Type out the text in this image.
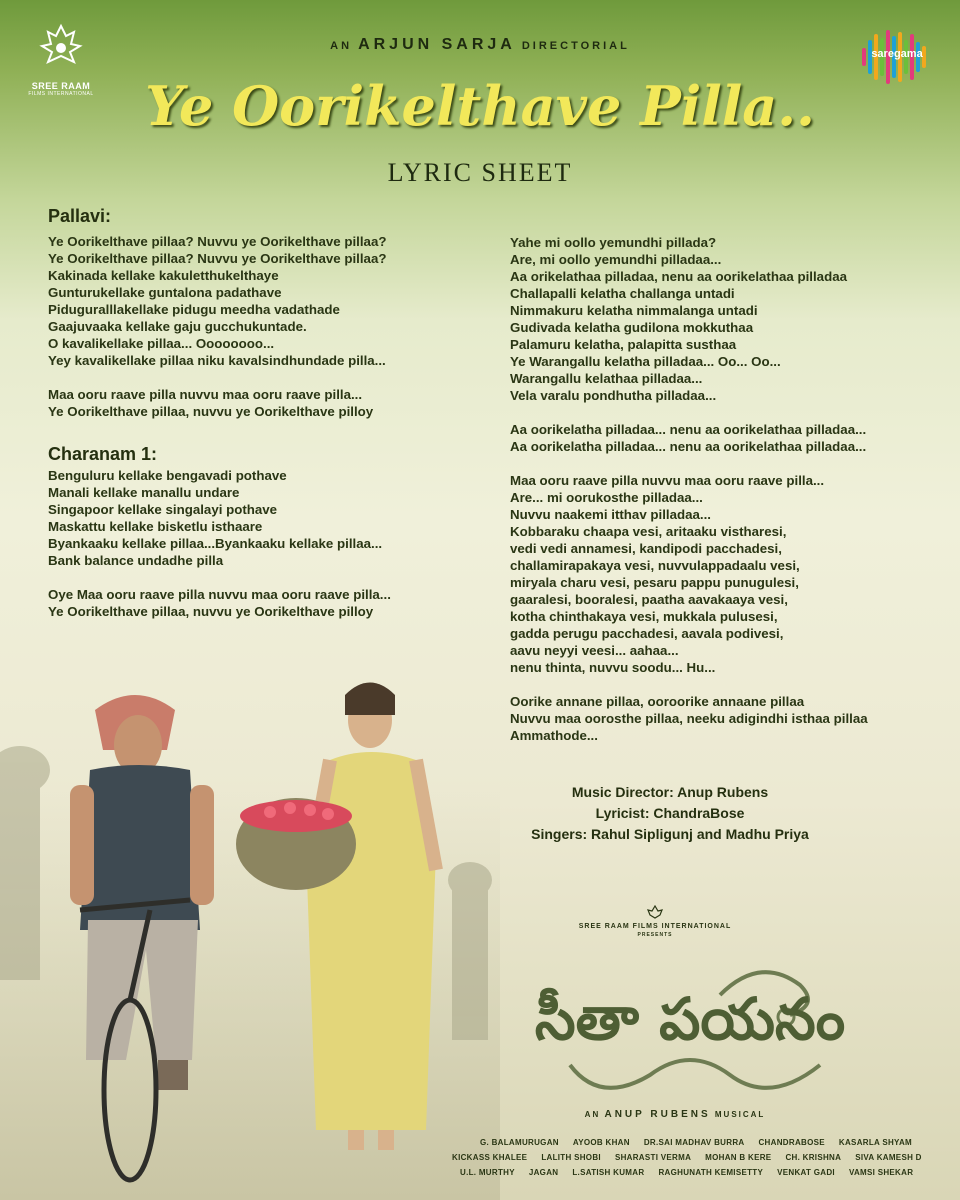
SREE RAAM
FILMS INTERNATIONAL
saregama
AN ARJUN SARJA DIRECTORIAL
Ye Oorikelthave Pilla..
LYRIC SHEET
Pallavi:
Ye Oorikelthave pillaa? Nuvvu ye Oorikelthave pillaa?
Ye Oorikelthave pillaa? Nuvvu ye Oorikelthave pillaa?
Kakinada kellake kakuletthukelthaye
Gunturukellake guntalona padathave
Piduguralllakellake pidugu meedha vadathade
Gaajuvaaka kellake gaju gucchukuntade.
O kavalikellake pillaa... Oooooooo...
Yey kavalikellake pillaa niku kavalsindhundade pilla...
Maa ooru raave pilla nuvvu maa ooru raave pilla...
Ye Oorikelthave pillaa, nuvvu ye Oorikelthave pilloy
Charanam 1:
Benguluru kellake bengavadi pothave
Manali kellake manallu undare
Singapoor kellake singalayi pothave
Maskattu kellake bisketlu isthaare
Byankaaku kellake pillaa...Byankaaku kellake pillaa...
Bank balance undadhe pilla
Oye Maa ooru raave pilla nuvvu maa ooru raave pilla...
Ye Oorikelthave pillaa, nuvvu ye Oorikelthave pilloy
Yahe mi oollo yemundhi pillada?
Are, mi oollo yemundhi pilladaa...
Aa orikelathaa pilladaa, nenu aa oorikelathaa pilladaa
Challapalli kelatha challanga untadi
Nimmakuru kelatha nimmalanga untadi
Gudivada kelatha gudilona mokkuthaa
Palamuru kelatha, palapitta susthaa
Ye Warangallu kelatha pilladaa... Oo... Oo...
Warangallu kelathaa pilladaa...
Vela varalu pondhutha pilladaa...
Aa oorikelatha pilladaa... nenu aa oorikelathaa pilladaa...
Aa oorikelatha pilladaa... nenu aa oorikelathaa pilladaa...
Maa ooru raave pilla nuvvu maa ooru raave pilla...
Are... mi oorukosthe pilladaa...
Nuvvu naakemi itthav pilladaa...
Kobbaraku chaapa vesi, aritaaku vistharesi,
vedi vedi annamesi, kandipodi pacchadesi,
challamirapakaya vesi, nuvvulappadaalu vesi,
miryala charu vesi, pesaru pappu punugulesi,
gaaralesi, booralesi, paatha aavakaaya vesi,
kotha chinthakaya vesi, mukkala pulusesi,
gadda perugu pacchadesi, aavala podivesi,
aavu neyyi veesi... aahaa...
nenu thinta, nuvvu soodu... Hu...
Oorike annane pillaa, ooroorike annaane pillaa
Nuvvu maa oorosthe pillaa, neeku adigindhi isthaa pillaa
Ammathode...
Music Director: Anup Rubens
Lyricist: ChandraBose
Singers: Rahul Sipligunj and Madhu Priya
SREE RAAM FILMS INTERNATIONAL
PRESENTS
సీతా పయనం
AN ANUP RUBENS MUSICAL
G. BALAMURUGAN AYOOB KHAN DR.SAI MADHAV BURRA CHANDRABOSE KASARLA SHYAM
KICKASS KHALEE LALITH SHOBI SHARASTI VERMA MOHAN B KERE CH. KRISHNA SIVA KAMESH D
U.L. MURTHY JAGAN L.SATISH KUMAR RAGHUNATH KEMISETTY VENKAT GADI VAMSI SHEKAR
